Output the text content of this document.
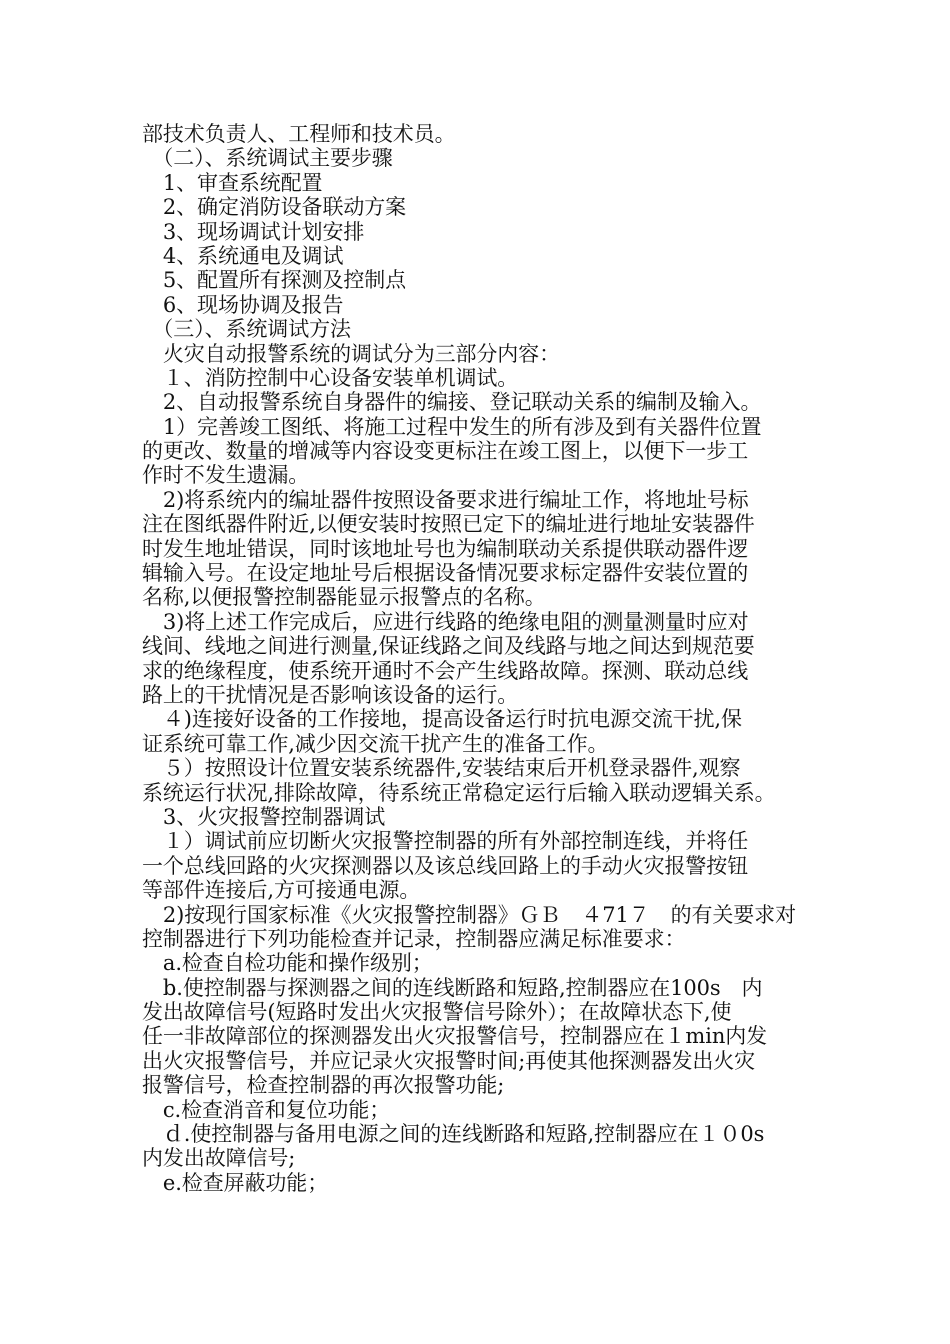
部技术负责人、工程师和技术员。
　（二）、系统调试主要步骤
　1、审查系统配置
　2、确定消防设备联动方案
　3、现场调试计划安排
　4、系统通电及调试
　5、配置所有探测及控制点
　6、现场协调及报告
　（三）、系统调试方法
　火灾自动报警系统的调试分为三部分内容：
　１、消防控制中心设备安装单机调试。
　2、自动报警系统自身器件的编接、登记联动关系的编制及输入。
　1）完善竣工图纸、将施工过程中发生的所有涉及到有关器件位置
的更改、数量的增减等内容设变更标注在竣工图上，以便下一步工
作时不发生遗漏。
　2)将系统内的编址器件按照设备要求进行编址工作，将地址号标
注在图纸器件附近,以便安装时按照已定下的编址进行地址安装器件
时发生地址错误，同时该地址号也为编制联动关系提供联动器件逻
辑输入号。在设定地址号后根据设备情况要求标定器件安装位置的
名称,以便报警控制器能显示报警点的名称。
　3)将上述工作完成后，应进行线路的绝缘电阻的测量测量时应对
线间、线地之间进行测量,保证线路之间及线路与地之间达到规范要
求的绝缘程度，使系统开通时不会产生线路故障。探测、联动总线
路上的干扰情况是否影响该设备的运行。
　４)连接好设备的工作接地，提高设备运行时抗电源交流干扰,保
证系统可靠工作,减少因交流干扰产生的准备工作。
　５）按照设计位置安装系统器件,安装结束后开机登录器件,观察
系统运行状况,排除故障，待系统正常稳定运行后输入联动逻辑关系。
　3、火灾报警控制器调试
　１）调试前应切断火灾报警控制器的所有外部控制连线，并将任
一个总线回路的火灾探测器以及该总线回路上的手动火灾报警按钮
等部件连接后,方可接通电源。
　2)按现行国家标准《火灾报警控制器》ＧＢ　４71７　的有关要求对
控制器进行下列功能检查并记录，控制器应满足标准要求：
　a.检查自检功能和操作级别；
　b.使控制器与探测器之间的连线断路和短路,控制器应在100s　内
发出故障信号(短路时发出火灾报警信号除外）；在故障状态下,使
任一非故障部位的探测器发出火灾报警信号，控制器应在１min内发
出火灾报警信号，并应记录火灾报警时间;再使其他探测器发出火灾
报警信号，检查控制器的再次报警功能;
　c.检查消音和复位功能；
　ｄ.使控制器与备用电源之间的连线断路和短路,控制器应在１０0s
内发出故障信号;
　e.检查屏蔽功能；
